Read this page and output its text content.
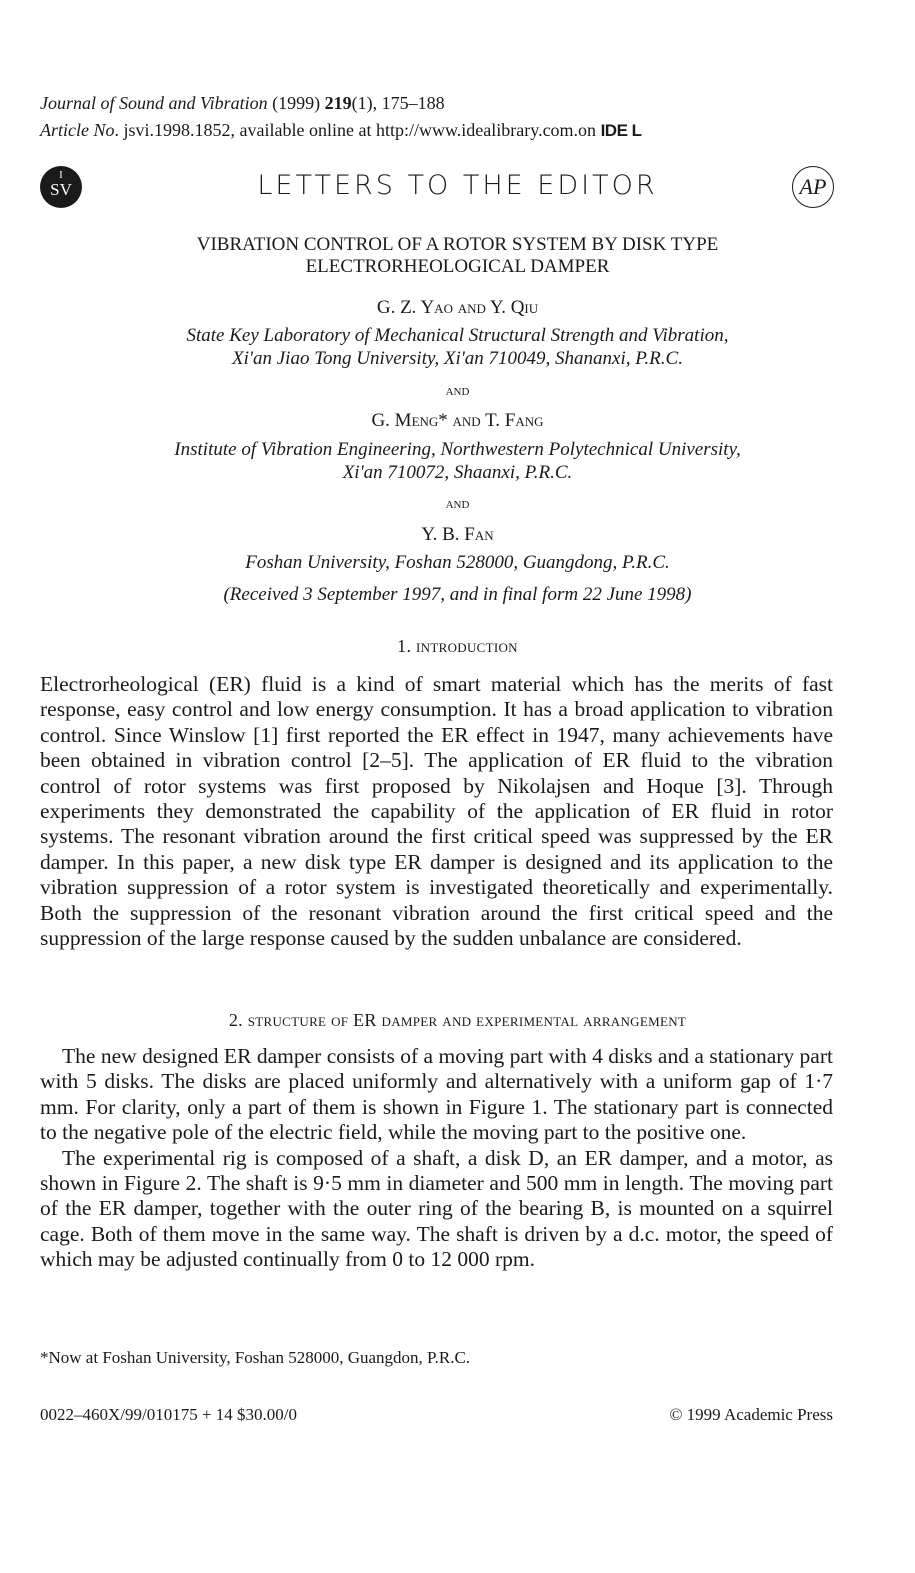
Journal of Sound and Vibration (1999) 219(1), 175–188
Article No. jsvi.1998.1852, available online at http://www.idealibrary.com.on IDE L
I
SV	AP
LETTERS TO THE EDITOR
VIBRATION CONTROL OF A ROTOR SYSTEM BY DISK TYPE
ELECTRORHEOLOGICAL DAMPER
G. Z. Yao and Y. Qiu
State Key Laboratory of Mechanical Structural Strength and Vibration,
Xi'an Jiao Tong University, Xi'an 710049, Shananxi, P.R.C.
and
G. Meng* and T. Fang
Institute of Vibration Engineering, Northwestern Polytechnical University,
Xi'an 710072, Shaanxi, P.R.C.
and
Y. B. Fan
Foshan University, Foshan 528000, Guangdong, P.R.C.
(Received 3 September 1997, and in final form 22 June 1998)
1. introduction

Electrorheological (ER) fluid is a kind of smart material which has the merits of fast response, easy control and low energy consumption. It has a broad application to vibration control. Since Winslow [1] first reported the ER effect in 1947, many achievements have been obtained in vibration control [2–5]. The application of ER fluid to the vibration control of rotor systems was first proposed by Nikolajsen and Hoque [3]. Through experiments they demonstrated the capability of the application of ER fluid in rotor systems. The resonant vibration around the first critical speed was suppressed by the ER damper. In this paper, a new disk type ER damper is designed and its application to the vibration suppression of a rotor system is investigated theoretically and experimentally. Both the suppression of the resonant vibration around the first critical speed and the suppression of the large response caused by the sudden unbalance are considered.

2. structure of ER damper and experimental arrangement

The new designed ER damper consists of a moving part with 4 disks and a stationary part with 5 disks. The disks are placed uniformly and alternatively with a uniform gap of 1·7 mm. For clarity, only a part of them is shown in Figure 1. The stationary part is connected to the negative pole of the electric field, while the moving part to the positive one.

The experimental rig is composed of a shaft, a disk D, an ER damper, and a motor, as shown in Figure 2. The shaft is 9·5 mm in diameter and 500 mm in length. The moving part of the ER damper, together with the outer ring of the bearing B, is mounted on a squirrel cage. Both of them move in the same way. The shaft is driven by a d.c. motor, the speed of which may be adjusted continually from 0 to 12 000 rpm.

*Now at Foshan University, Foshan 528000, Guangdon, P.R.C.
0022–460X/99/010175 + 14 $30.00/0	© 1999 Academic Press
